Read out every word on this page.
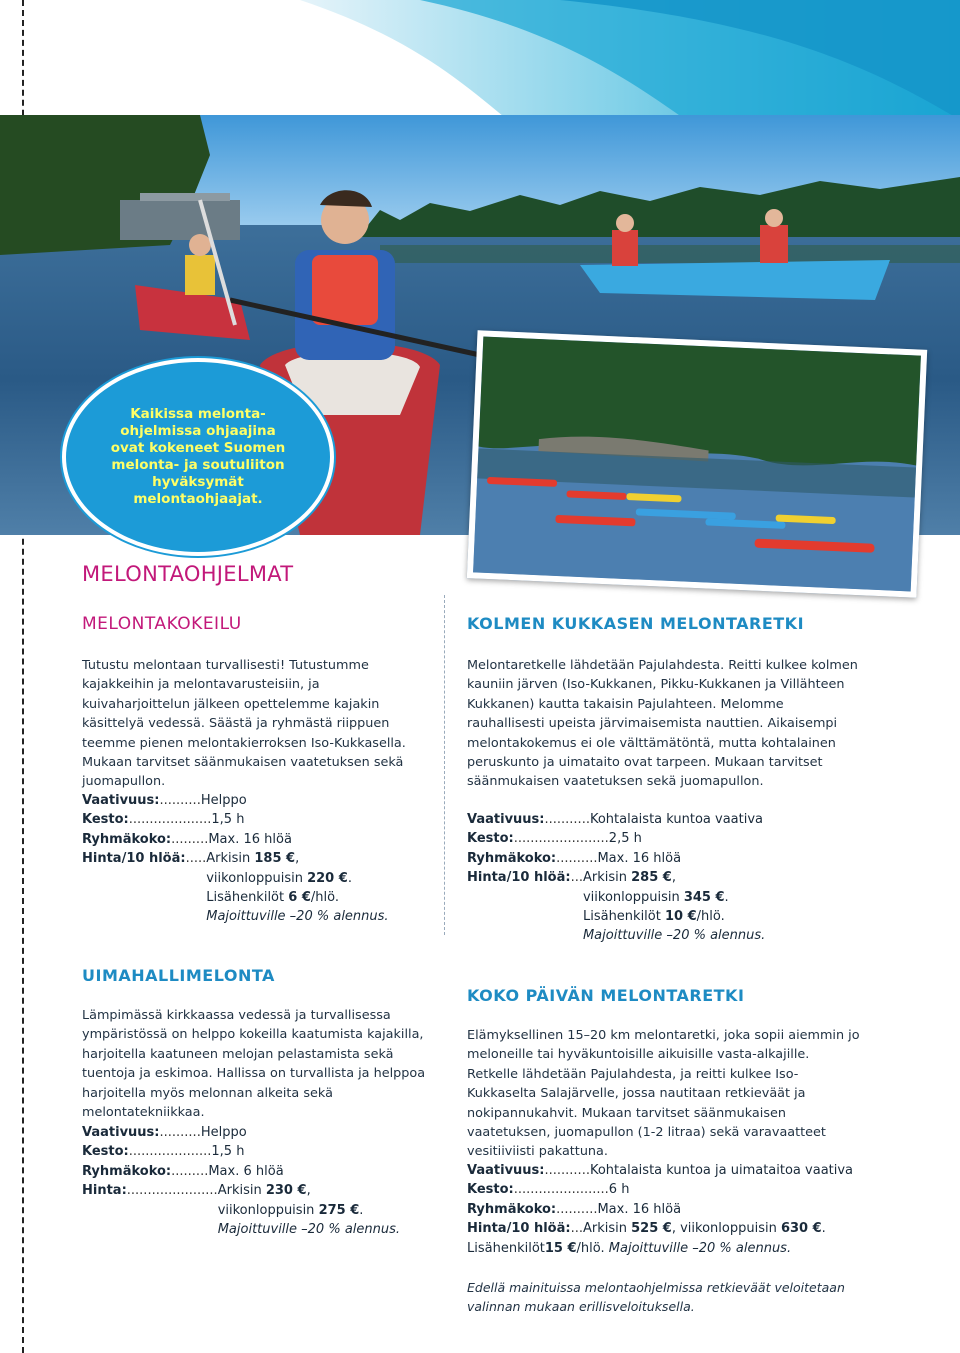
Kaikissa melonta-ohjelmissa ohjaajina ovat kokeneet Suomen melonta- ja soutuliiton hyväksymät melontaohjaajat.
MELONTAOHJELMAT
MELONTAKOKEILU
Tutustu melontaan turvallisesti! Tutustumme kajakkeihin ja melontavarusteisiin, ja kuivaharjoittelun jälkeen opettelemme kajakin käsittelyä vedessä. Säästä ja ryhmästä riippuen teemme pienen melontakierroksen Iso-Kukkasella. Mukaan tarvitset säänmukaisen vaatetuksen sekä juomapullon.
Vaativuus: .......... Helppo
Kesto: .................... 1,5 h
Ryhmäkoko: ......... Max. 16 hlöä
Hinta/10 hlöä: ..... Arkisin 185 €,
viikonloppuisin 220 €.
Lisähenkilöt 6 €/hlö.
Majoittuville –20 % alennus.
UIMAHALLIMELONTA
Lämpimässä kirkkaassa vedessä ja turvallisessa ympäristössä on helppo kokeilla kaatumista kajakilla, harjoitella kaatuneen melojan pelastamista sekä tuentoja ja eskimoa. Hallissa on turvallista ja helppoa harjoitella myös melonnan alkeita sekä melontatekniikkaa.
Vaativuus: .......... Helppo
Kesto: .................... 1,5 h
Ryhmäkoko: ......... Max. 6 hlöä
Hinta: ...................... Arkisin 230 €,
viikonloppuisin 275 €.
Majoittuville –20 % alennus.
KOLMEN KUKKASEN MELONTARETKI
Melontaretkelle lähdetään Pajulahdesta. Reitti kulkee kolmen kauniin järven (Iso-Kukkanen, Pikku-Kukkanen ja Villähteen Kukkanen) kautta takaisin Pajulahteen. Melomme rauhallisesti upeista järvimaisemista nauttien. Aikaisempi melontakokemus ei ole välttämätöntä, mutta kohtalainen peruskunto ja uimataito ovat tarpeen. Mukaan tarvitset säänmukaisen vaatetuksen sekä juomapullon.
Vaativuus: ........... Kohtalaista kuntoa vaativa
Kesto: ....................... 2,5 h
Ryhmäkoko: .......... Max. 16 hlöä
Hinta/10 hlöä: ... Arkisin 285 €,
viikonloppuisin 345 €.
Lisähenkilöt 10 €/hlö.
Majoittuville –20 % alennus.
KOKO PÄIVÄN MELONTARETKI
Elämyksellinen 15–20 km melontaretki, joka sopii aiemmin jo meloneille tai hyväkuntoisille aikuisille vasta-alkajille. Retkelle lähdetään Pajulahdesta, ja reitti kulkee Iso-Kukkaselta Salajärvelle, jossa nautitaan retkieväät ja nokipannukahvit. Mukaan tarvitset säänmukaisen vaatetuksen, juomapullon (1-2 litraa) sekä varavaatteet vesitiiviisti pakattuna.
Vaativuus: ........... Kohtalaista kuntoa ja uimataitoa vaativa
Kesto: ....................... 6 h
Ryhmäkoko: .......... Max. 16 hlöä
Hinta/10 hlöä: ... Arkisin 525 €, viikonloppuisin 630 €.
Lisähenkilöt 15 € /hlö.
Majoittuville –20 % alennus.
Edellä mainituissa melontaohjelmissa retkieväät veloitetaan valinnan mukaan erillisveloituksella.
